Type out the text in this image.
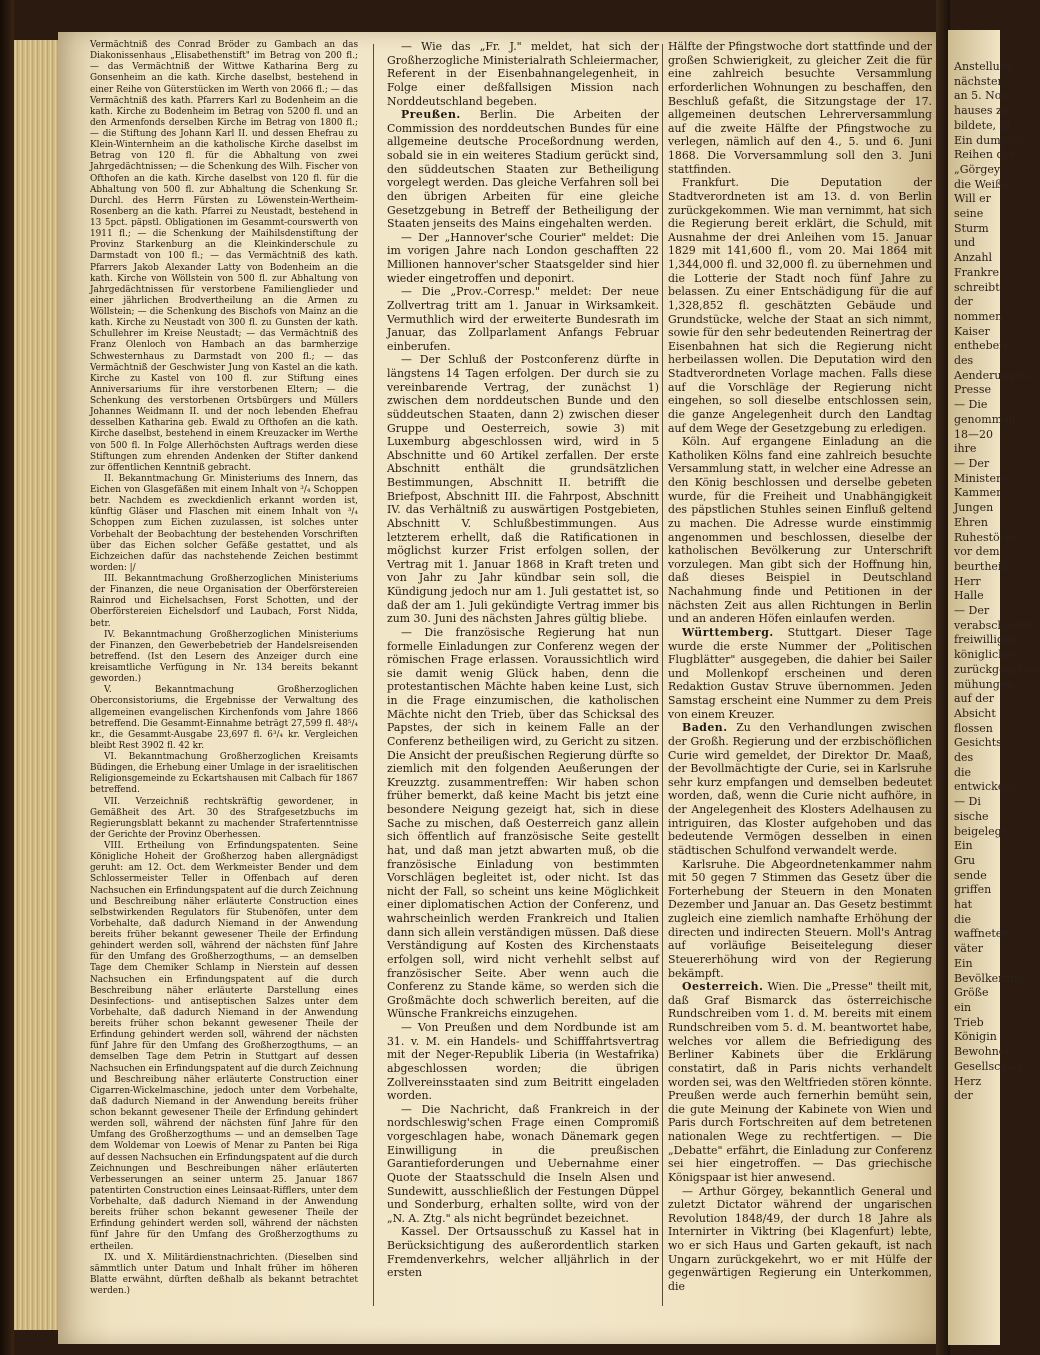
Vermächtniß des Conrad Bröder zu Gambach an das Diakonissenhaus „Elisabethenstift" im Betrag von 200 fl.; — das Vermächtniß der Wittwe Katharina Berg zu Gonsenheim an die kath. Kirche daselbst, bestehend in einer Reihe von Güterstücken im Werth von 2066 fl.; — das Vermächtniß des kath. Pfarrers Karl zu Bodenheim an die kath. Kirche zu Bodenheim im Betrag von 5200 fl. und an den Armenfonds derselben Kirche im Betrag von 1800 fl.; — die Stiftung des Johann Karl II. und dessen Ehefrau zu Klein-Winternheim an die katholische Kirche daselbst im Betrag von 120 fl. für die Abhaltung von zwei Jahrgedächtnissen; — die Schenkung des Wilh. Fischer von Ofthofen an die kath. Kirche daselbst von 120 fl. für die Abhaltung von 500 fl. zur Abhaltung die Schenkung Sr. Durchl. des Herrn Fürsten zu Löwenstein-Wertheim-Rosenberg an die kath. Pfarrei zu Neustadt, bestehend in 13 5pct. päpstl. Obligationen im Gesammt-courswerth von 1911 fl.; — die Schenkung der Maihilsdenstiftung der Provinz Starkenburg an die Kleinkinderschule zu Darmstadt von 100 fl.; — das Vermächtniß des kath. Pfarrers Jakob Alexander Latty von Bodenheim an die kath. Kirche von Wöllstein von 500 fl. zur Abhaltung von Jahrgedächtnissen für verstorbene Familienglieder und einer jährlichen Brodvertheilung an die Armen zu Wöllstein; — die Schenkung des Bischofs von Mainz an die kath. Kirche zu Neustadt von 300 fl. zu Gunsten der kath. Schullehrer im Kreise Neustadt; — das Vermächtniß des Franz Olenloch von Hambach an das barmherzige Schwesternhaus zu Darmstadt von 200 fl.; — das Vermächtniß der Geschwister Jung von Kastel an die kath. Kirche zu Kastel von 100 fl. zur Stiftung eines Anniversariums für ihre verstorbenen Eltern; — die Schenkung des verstorbenen Ortsbürgers und Müllers Johannes Weidmann II. und der noch lebenden Ehefrau desselben Katharina geb. Ewald zu Ofthofen an die kath. Kirche daselbst, bestehend in einem Kreuzacker im Werthe von 500 fl. In Folge Allerhöchsten Auftrags werden diese Stiftungen zum ehrenden Andenken der Stifter dankend zur öffentlichen Kenntniß gebracht.

II. Bekanntmachung Gr. Ministeriums des Innern, das Eichen von Glasgefäßen mit einem Inhalt von ³/₄ Schoppen betr. Nachdem es zweckdienlich erkannt worden ist, künftig Gläser und Flaschen mit einem Inhalt von ³/₄ Schoppen zum Eichen zuzulassen, ist solches unter Vorbehalt der Beobachtung der bestehenden Vorschriften über das Eichen solcher Gefäße gestattet, und als Eichzeichen dafür das nachstehende Zeichen bestimmt worden: |/

III. Bekanntmachung Großherzoglichen Ministeriums der Finanzen, die neue Organisation der Oberförstereien Rainrod und Eichelsachsen, Forst Schotten, und der Oberförstereien Eichelsdorf und Laubach, Forst Nidda, betr.

IV. Bekanntmachung Großherzoglichen Ministeriums der Finanzen, den Gewerbebetrieb der Handelsreisenden betreffend. (Ist den Lesern des Anzeiger durch eine kreisamtliche Verfügung in Nr. 134 bereits bekannt geworden.)

V. Bekanntmachung Großherzoglichen Oberconsistoriums, die Ergebnisse der Verwaltung des allgemeinen evangelischen Kirchenfonds vom Jahre 1866 betreffend. Die Gesammt-Einnahme beträgt 27,599 fl. 48⁵/₄ kr., die Gesammt-Ausgabe 23,697 fl. 6³/₄ kr. Vergleichen bleibt Rest 3902 fl. 42 kr.

VI. Bekanntmachung Großherzoglichen Kreisamts Büdingen, die Erhebung einer Umlage in der israelitischen Religionsgemeinde zu Eckartshausen mit Calbach für 1867 betreffend.

VII. Verzeichniß rechtskräftig gewordener, in Gemäßheit des Art. 30 des Strafgesetzbuchs im Regierungsblatt bekannt zu machender Strafertenntnisse der Gerichte der Provinz Oberhessen.

VIII. Ertheilung von Erfindungspatenten. Seine Königliche Hoheit der Großherzog haben allergnädigst geruht: am 12. Oct. dem Werkmeister Bender und dem Schlossermeister Teller in Offenbach auf deren Nachsuchen ein Erfindungspatent auf die durch Zeichnung und Beschreibung näher erläuterte Construction eines selbstwirkenden Regulators für Stubenöfen, unter dem Vorbehalte, daß dadurch Niemand in der Anwendung bereits früher bekannt gewesener Theile der Erfindung gehindert werden soll, während der nächsten fünf Jahre für den Umfang des Großherzogthums, — an demselben Tage dem Chemiker Schlamp in Nierstein auf dessen Nachsuchen ein Erfindungspatent auf die durch Beschreibung näher erläuterte Darstellung eines Desinfections- und antiseptischen Salzes unter dem Vorbehalte, daß dadurch Niemand in der Anwendung bereits früher schon bekannt gewesener Theile der Erfindung gehindert werden soll, während der nächsten fünf Jahre für den Umfang des Großherzogthums, — an demselben Tage dem Petrin in Stuttgart auf dessen Nachsuchen ein Erfindungspatent auf die durch Zeichnung und Beschreibung näher erläuterte Construction einer Cigarren-Wickelmaschine, jedoch unter dem Vorbehalte, daß dadurch Niemand in der Anwendung bereits früher schon bekannt gewesener Theile der Erfindung gehindert werden soll, während der nächsten fünf Jahre für den Umfang des Großherzogthums — und an demselben Tage dem Woldemar von Loewis of Menar zu Panten bei Riga auf dessen Nachsuchen ein Erfindungspatent auf die durch Zeichnungen und Beschreibungen näher erläuterten Verbesserungen an seiner unterm 25. Januar 1867 patentirten Construction eines Leinsaat-Rifflers, unter dem Vorbehalte, daß dadurch Niemand in der Anwendung bereits früher schon bekannt gewesener Theile der Erfindung gehindert werden soll, während der nächsten fünf Jahre für den Umfang des Großherzogthums zu ertheilen.

IX. und X. Militärdienstnachrichten. (Dieselben sind sämmtlich unter Datum und Inhalt früher im höheren Blatte erwähnt, dürften deßhalb als bekannt betrachtet werden.)

— Wie das „Fr. J." meldet, hat sich der Großherzogliche Ministerialrath Schleiermacher, Referent in der Eisenbahnangelegenheit, in Folge einer deßfallsigen Mission nach Norddeutschland begeben.

Preußen. Berlin. Die Arbeiten der Commission des norddeutschen Bundes für eine allgemeine deutsche Proceßordnung werden, sobald sie in ein weiteres Stadium gerückt sind, den süddeutschen Staaten zur Betheiligung vorgelegt werden. Das gleiche Verfahren soll bei den übrigen Arbeiten für eine gleiche Gesetzgebung in Betreff der Betheiligung der Staaten jenseits des Mains eingehalten werden.

— Der „Hannover'sche Courier" meldet: Die im vorigen Jahre nach London geschafften 22 Millionen hannover'scher Staatsgelder sind hier wieder eingetroffen und deponirt.

— Die „Prov.-Corresp." meldet: Der neue Zollvertrag tritt am 1. Januar in Wirksamkeit. Vermuthlich wird der erweiterte Bundesrath im Januar, das Zollparlament Anfangs Februar einberufen.

— Der Schluß der Postconferenz dürfte in längstens 14 Tagen erfolgen. Der durch sie zu vereinbarende Vertrag, der zunächst 1) zwischen dem norddeutschen Bunde und den süddeutschen Staaten, dann 2) zwischen dieser Gruppe und Oesterreich, sowie 3) mit Luxemburg abgeschlossen wird, wird in 5 Abschnitte und 60 Artikel zerfallen. Der erste Abschnitt enthält die grundsätzlichen Bestimmungen, Abschnitt II. betrifft die Briefpost, Abschnitt III. die Fahrpost, Abschnitt IV. das Verhältniß zu auswärtigen Postgebieten, Abschnitt V. Schlußbestimmungen. Aus letzterem erhellt, daß die Ratificationen in möglichst kurzer Frist erfolgen sollen, der Vertrag mit 1. Januar 1868 in Kraft treten und von Jahr zu Jahr kündbar sein soll, die Kündigung jedoch nur am 1. Juli gestattet ist, so daß der am 1. Juli gekündigte Vertrag immer bis zum 30. Juni des nächsten Jahres gültig bliebe.

— Die französische Regierung hat nun formelle Einladungen zur Conferenz wegen der römischen Frage erlassen. Voraussichtlich wird sie damit wenig Glück haben, denn die protestantischen Mächte haben keine Lust, sich in die Frage einzumischen, die katholischen Mächte nicht den Trieb, über das Schicksal des Papstes, der sich in keinem Falle an der Conferenz betheiligen wird, zu Gericht zu sitzen. Die Ansicht der preußischen Regierung dürfte so ziemlich mit den folgenden Aeußerungen der Kreuzztg. zusammentreffen: Wir haben schon früher bemerkt, daß keine Macht bis jetzt eine besondere Neigung gezeigt hat, sich in diese Sache zu mischen, daß Oesterreich ganz allein sich öffentlich auf französische Seite gestellt hat, und daß man jetzt abwarten muß, ob die französische Einladung von bestimmten Vorschlägen begleitet ist, oder nicht. Ist das nicht der Fall, so scheint uns keine Möglichkeit einer diplomatischen Action der Conferenz, und wahrscheinlich werden Frankreich und Italien dann sich allein verständigen müssen. Daß diese Verständigung auf Kosten des Kirchenstaats erfolgen soll, wird nicht verhehlt selbst auf französischer Seite. Aber wenn auch die Conferenz zu Stande käme, so werden sich die Großmächte doch schwerlich bereiten, auf die Wünsche Frankreichs einzugehen.

— Von Preußen und dem Nordbunde ist am 31. v. M. ein Handels- und Schifffahrtsvertrag mit der Neger-Republik Liberia (in Westafrika) abgeschlossen worden; die übrigen Zollvereinsstaaten sind zum Beitritt eingeladen worden.

— Die Nachricht, daß Frankreich in der nordschleswig'schen Frage einen Compromiß vorgeschlagen habe, wonach Dänemark gegen Einwilligung in die preußischen Garantieforderungen und Uebernahme einer Quote der Staatsschuld die Inseln Alsen und Sundewitt, ausschließlich der Festungen Düppel und Sonderburg, erhalten sollte, wird von der „N. A. Ztg." als nicht begründet bezeichnet.

Kassel. Der Ortsausschuß zu Kassel hat in Berücksichtigung des außerordentlich starken Fremdenverkehrs, welcher alljährlich in der ersten

Hälfte der Pfingstwoche dort stattfinde und der großen Schwierigkeit, zu gleicher Zeit die für eine zahlreich besuchte Versammlung erforderlichen Wohnungen zu beschaffen, den Beschluß gefaßt, die Sitzungstage der 17. allgemeinen deutschen Lehrerversammlung auf die zweite Hälfte der Pfingstwoche zu verlegen, nämlich auf den 4., 5. und 6. Juni 1868. Die Vorversammlung soll den 3. Juni stattfinden.

Frankfurt. Die Deputation der Stadtverordneten ist am 13. d. von Berlin zurückgekommen. Wie man vernimmt, hat sich die Regierung bereit erklärt, die Schuld, mit Ausnahme der drei Anleihen vom 15. Januar 1829 mit 141,600 fl., vom 20. Mai 1864 mit 1,344,000 fl. und 32,000 fl. zu übernehmen und die Lotterie der Stadt noch fünf Jahre zu belassen. Zu einer Entschädigung für die auf 1,328,852 fl. geschätzten Gebäude und Grundstücke, welche der Staat an sich nimmt, sowie für den sehr bedeutenden Reinertrag der Eisenbahnen hat sich die Regierung nicht herbeilassen wollen. Die Deputation wird den Stadtverordneten Vorlage machen. Falls diese auf die Vorschläge der Regierung nicht eingehen, so soll dieselbe entschlossen sein, die ganze Angelegenheit durch den Landtag auf dem Wege der Gesetzgebung zu erledigen.

Köln. Auf ergangene Einladung an die Katholiken Kölns fand eine zahlreich besuchte Versammlung statt, in welcher eine Adresse an den König beschlossen und derselbe gebeten wurde, für die Freiheit und Unabhängigkeit des päpstlichen Stuhles seinen Einfluß geltend zu machen. Die Adresse wurde einstimmig angenommen und beschlossen, dieselbe der katholischen Bevölkerung zur Unterschrift vorzulegen. Man gibt sich der Hoffnung hin, daß dieses Beispiel in Deutschland Nachahmung finde und Petitionen in der nächsten Zeit aus allen Richtungen in Berlin und an anderen Höfen einlaufen werden.

Württemberg. Stuttgart. Dieser Tage wurde die erste Nummer der „Politischen Flugblätter" ausgegeben, die dahier bei Sailer und Mollenkopf erscheinen und deren Redaktion Gustav Struve übernommen. Jeden Samstag erscheint eine Nummer zu dem Preis von einem Kreuzer.

Baden. Zu den Verhandlungen zwischen der Großh. Regierung und der erzbischöflichen Curie wird gemeldet, der Direktor Dr. Maaß, der Bevollmächtigte der Curie, sei in Karlsruhe sehr kurz empfangen und demselben bedeutet worden, daß, wenn die Curie nicht aufhöre, in der Angelegenheit des Klosters Adelhausen zu intriguiren, das Kloster aufgehoben und das bedeutende Vermögen desselben in einen städtischen Schulfond verwandelt werde.

Karlsruhe. Die Abgeordnetenkammer nahm mit 50 gegen 7 Stimmen das Gesetz über die Forterhebung der Steuern in den Monaten Dezember und Januar an. Das Gesetz bestimmt zugleich eine ziemlich namhafte Erhöhung der directen und indirecten Steuern. Moll's Antrag auf vorläufige Beiseitelegung dieser Steuererhöhung wird von der Regierung bekämpft.

Oesterreich. Wien. Die „Presse" theilt mit, daß Graf Bismarck das österreichische Rundschreiben vom 1. d. M. bereits mit einem Rundschreiben vom 5. d. M. beantwortet habe, welches vor allem die Befriedigung des Berliner Kabinets über die Erklärung constatirt, daß in Paris nichts verhandelt worden sei, was den Weltfrieden stören könnte. Preußen werde auch fernerhin bemüht sein, die gute Meinung der Kabinete von Wien und Paris durch Fortschreiten auf dem betretenen nationalen Wege zu rechtfertigen. — Die „Debatte" erfährt, die Einladung zur Conferenz sei hier eingetroffen. — Das griechische Königspaar ist hier anwesend.

— Arthur Görgey, bekanntlich General und zuletzt Dictator während der ungarischen Revolution 1848/49, der durch 18 Jahre als Internirter in Viktring (bei Klagenfurt) lebte, wo er sich Haus und Garten gekauft, ist nach Ungarn zurückgekehrt, wo er mit Hülfe der gegenwärtigen Regierung ein Unterkommen, die

Anstellung,
nächsten
an 5. Nov.
hauses zu
bildete, in
Ein dumpfes
Reihen der
„Görgey
die Weiße
Will er
seine
Sturm
und
Anzahl
Frankre
schreibt
der
nommen
Kaiser
entheben
des
Aenderungen
Presse
— Die
genommen
18—20
ihre
— Der
Ministers
Kammer
Jungen
Ehren
Ruhestörer
vor dem
beurtheilt
Herr
Halle
— Der
verabschiedet
freiwilligen
königlichen
zurückgegeben
mühungen
auf der
Absicht
flossen
Gesichts
des
die
entwickeln
— Di
sische
beigelegt
Ein
Gru
sende
griffen
hat
die
waffneten
väter
Ein
Bevölkerung
Größe
ein
Trieb
Königin
Bewohner
Gesellschaft
Herz
der
